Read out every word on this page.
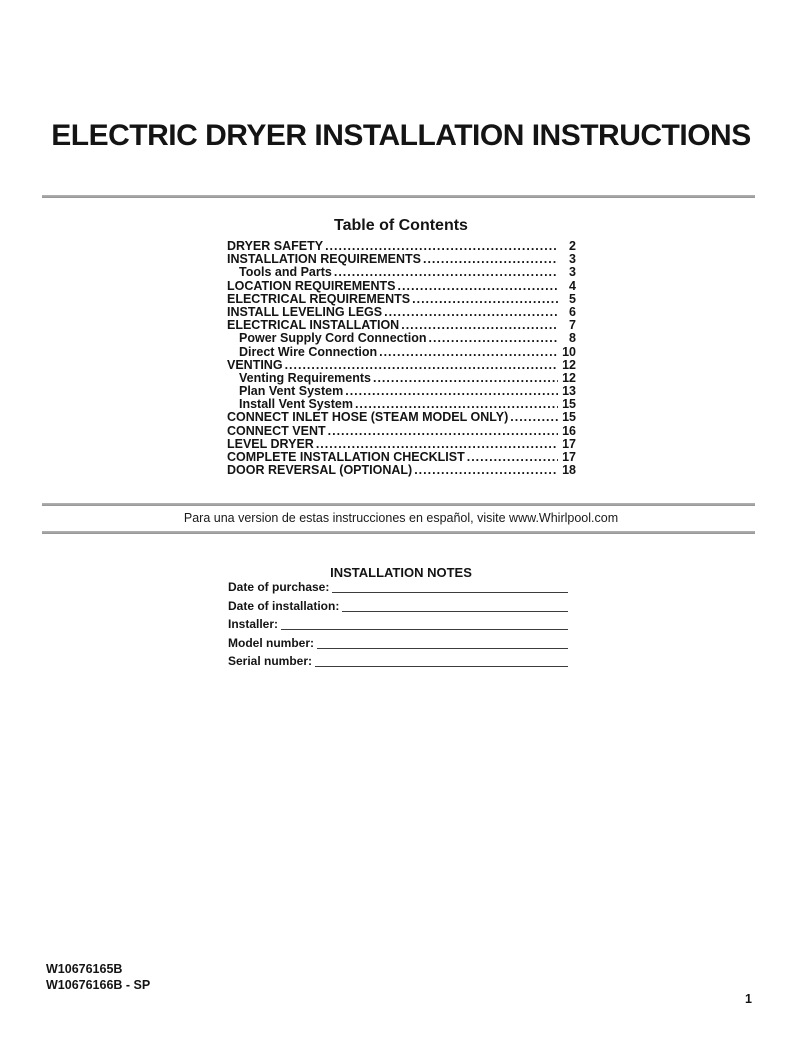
ELECTRIC DRYER INSTALLATION INSTRUCTIONS
Table of Contents
DRYER SAFETY .....	2
INSTALLATION REQUIREMENTS .....	3
Tools and Parts .....	3
LOCATION REQUIREMENTS .....	4
ELECTRICAL REQUIREMENTS .....	5
INSTALL LEVELING LEGS .....	6
ELECTRICAL INSTALLATION .....	7
Power Supply Cord Connection .....	8
Direct Wire Connection .....	10
VENTING .....	12
Venting Requirements .....	12
Plan Vent System .....	13
Install Vent System .....	15
CONNECT INLET HOSE (STEAM MODEL ONLY) .....	15
CONNECT VENT .....	16
LEVEL DRYER .....	17
COMPLETE INSTALLATION CHECKLIST .....	17
DOOR REVERSAL (OPTIONAL) .....	18
Para una version de estas instrucciones en español, visite www.Whirlpool.com
INSTALLATION NOTES
Date of purchase:
Date of installation:
Installer:
Model number:
Serial number:
W10676165B
W10676166B - SP
1
